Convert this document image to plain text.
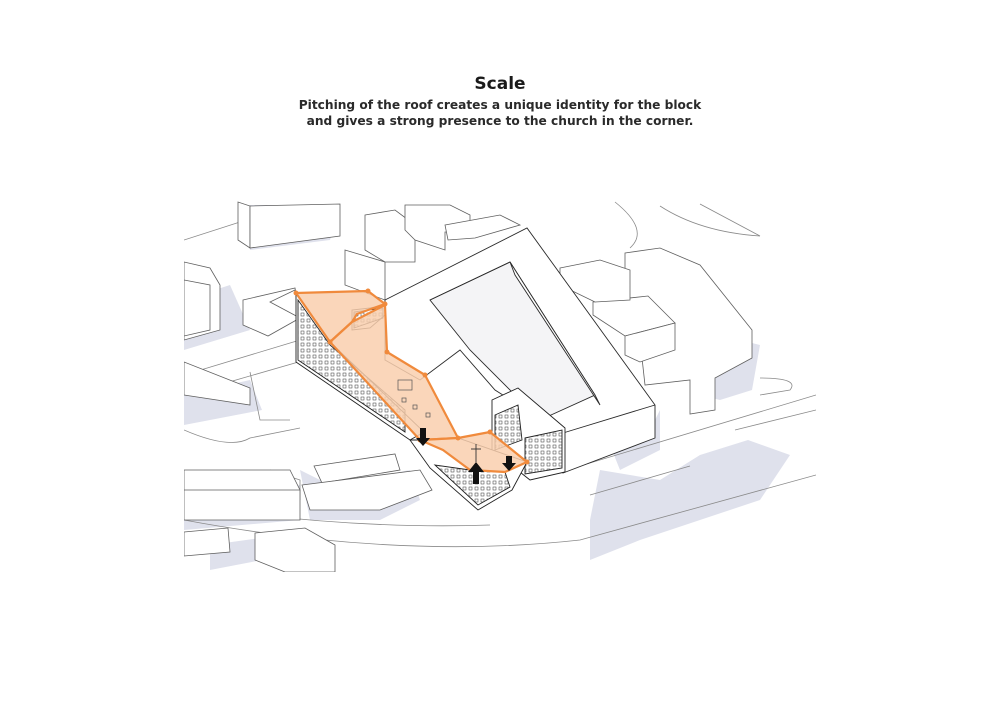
Scale
Pitching of the roof creates a unique identity for the block
and gives a strong presence to the church in the corner.
